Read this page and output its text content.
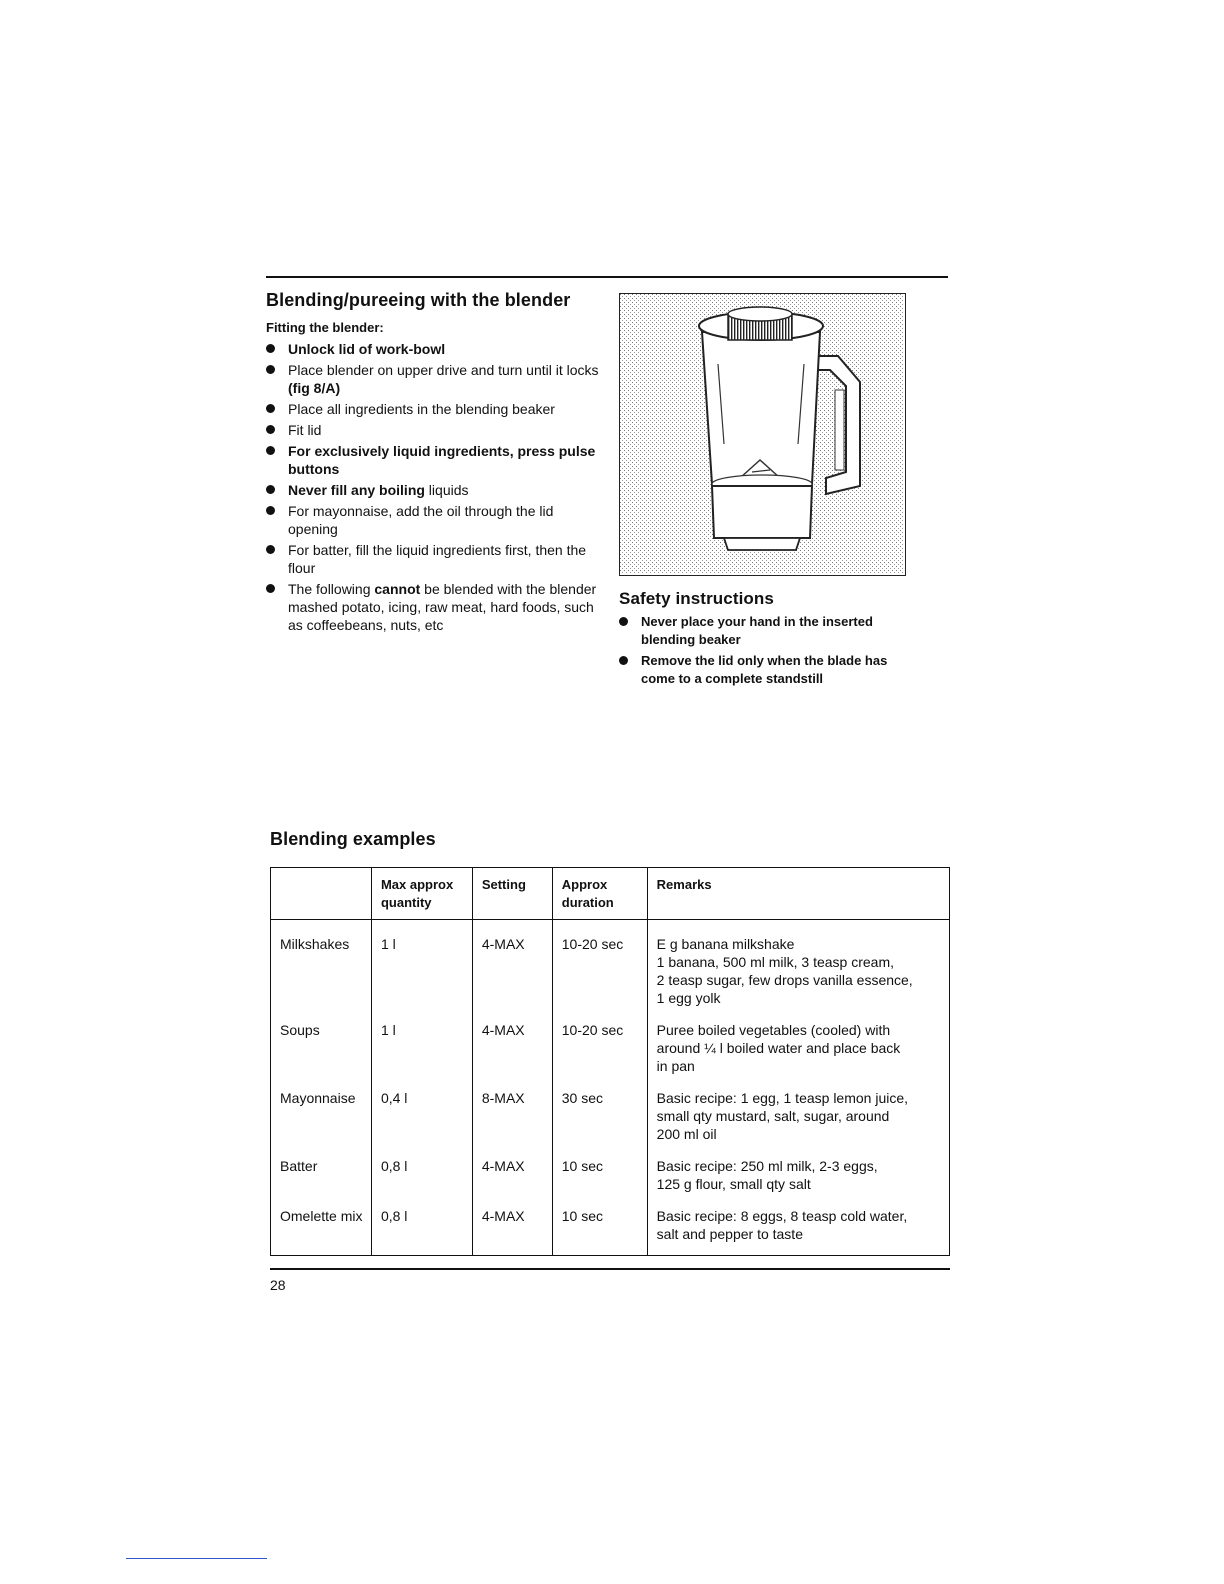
Blending/pureeing with the blender
Fitting the blender:
Unlock lid of work-bowl
Place blender on upper drive and turn until it locks (fig 8/A)
Place all ingredients in the blending beaker
Fit lid
For exclusively liquid ingredients, press pulse buttons
Never fill any boiling liquids
For mayonnaise, add the oil through the lid opening
For batter, fill the liquid ingredients first, then the flour
The following cannot be blended with the blender mashed potato, icing, raw meat, hard foods, such as coffeebeans, nuts, etc
Safety instructions
Never place your hand in the inserted blending beaker
Remove the lid only when the blade has come to a complete standstill
Blending examples
	Max approx quantity	Setting	Approx duration	Remarks
Milkshakes	1 l	4-MAX	10-20 sec	E g banana milkshake
1 banana, 500 ml milk, 3 teasp cream,
2 teasp sugar, few drops vanilla essence,
1 egg yolk
Soups	1 l	4-MAX	10-20 sec	Puree boiled vegetables (cooled) with
around ¼ l boiled water and place back
in pan
Mayonnaise	0,4 l	8-MAX	30 sec	Basic recipe: 1 egg, 1 teasp lemon juice,
small qty mustard, salt, sugar, around
200 ml oil
Batter	0,8 l	4-MAX	10 sec	Basic recipe: 250 ml milk, 2-3 eggs,
125 g flour, small qty salt
Omelette mix	0,8 l	4-MAX	10 sec	Basic recipe: 8 eggs, 8 teasp cold water,
salt and pepper to taste
28
